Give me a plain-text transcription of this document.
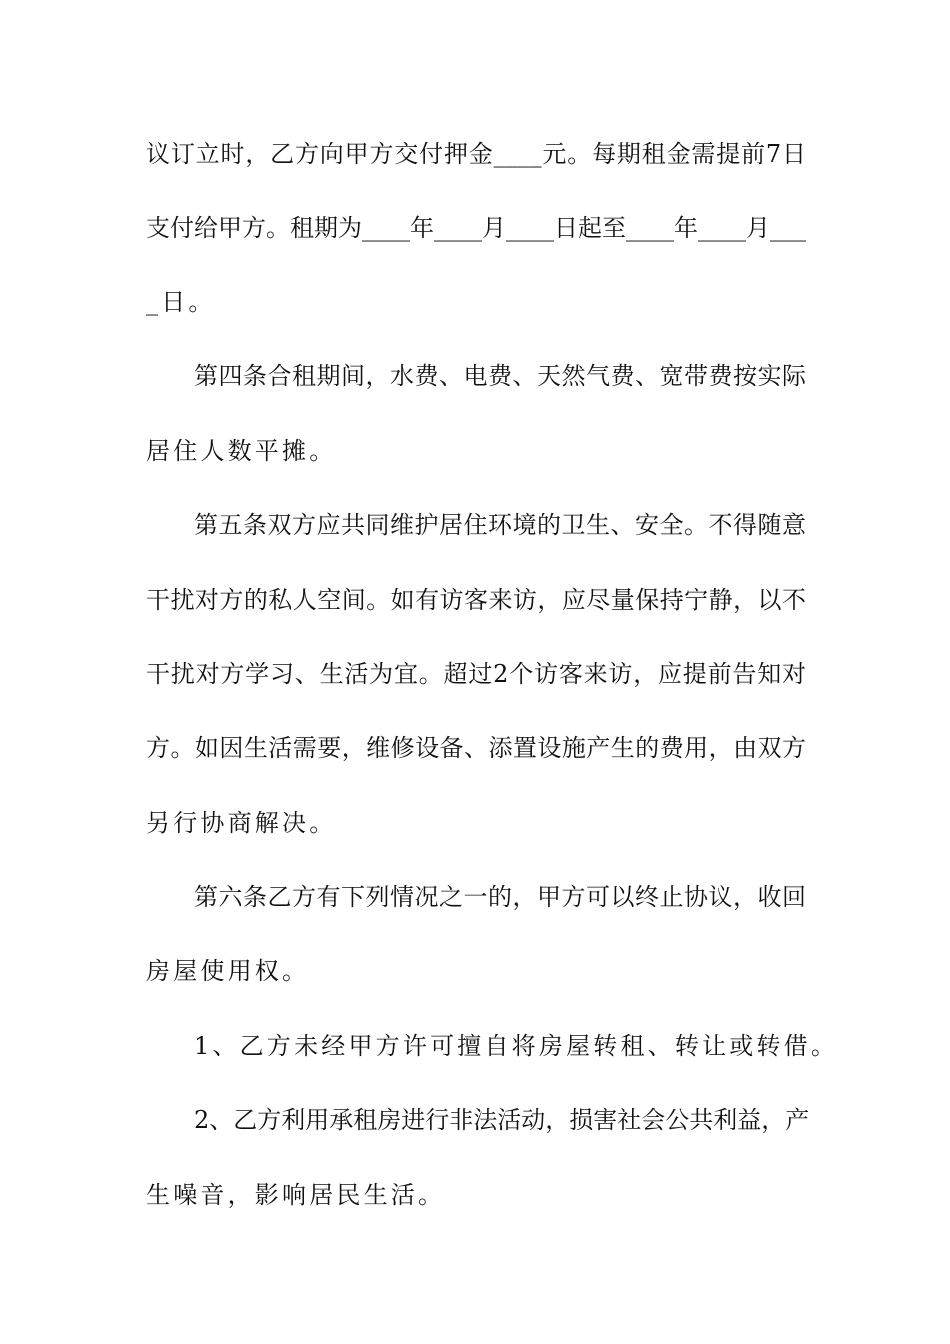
议订立时，乙方向甲方交付押金____元。每期租金需提前7日
支付给甲方。租期为____年____月____日起至____年____月___
_日。
第四条合租期间，水费、电费、天然气费、宽带费按实际
居住人数平摊。
第五条双方应共同维护居住环境的卫生、安全。不得随意
干扰对方的私人空间。如有访客来访，应尽量保持宁静，以不
干扰对方学习、生活为宜。超过2个访客来访，应提前告知对
方。如因生活需要，维修设备、添置设施产生的费用，由双方
另行协商解决。
第六条乙方有下列情况之一的，甲方可以终止协议，收回
房屋使用权。
1、乙方未经甲方许可擅自将房屋转租、转让或转借。
2、乙方利用承租房进行非法活动，损害社会公共利益，产
生噪音，影响居民生活。
